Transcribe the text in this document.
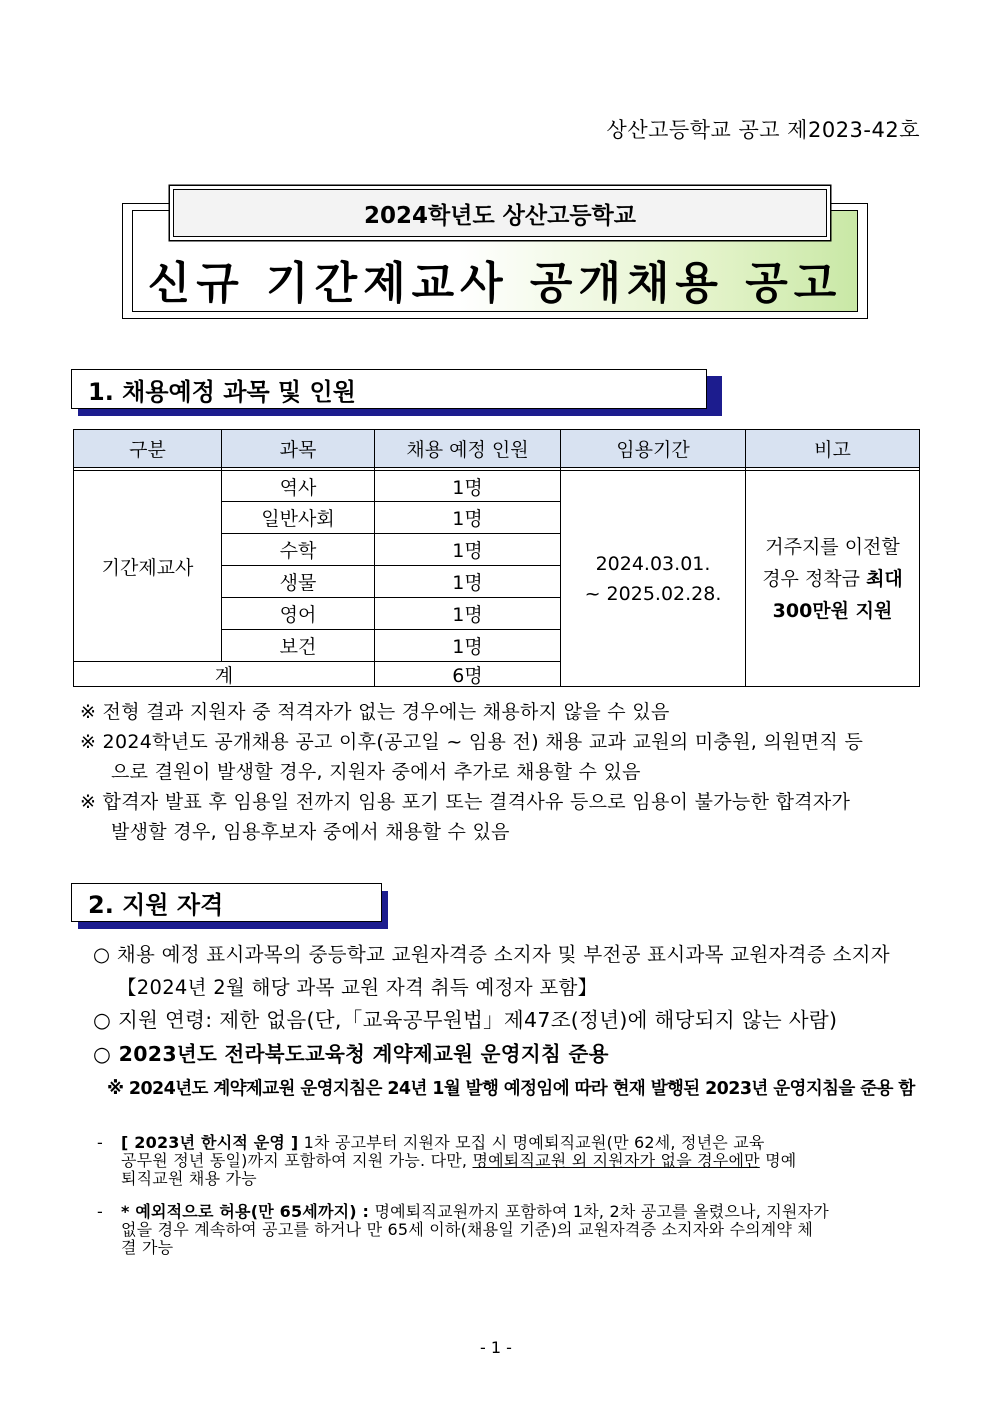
상산고등학교 공고 제2023-42호
2024학년도 상산고등학교
신규 기간제교사 공개채용 공고
1. 채용예정 과목 및 인원
구분	과목	채용 예정 인원	임용기간	비고
기간제교사
역사	1명
일반사회	1명
수학	1명
생물	1명
영어	1명
보건	1명
계	6명
2024.03.01.
~ 2025.02.28.
거주지를 이전할
경우 정착금 최대
300만원 지원
※ 전형 결과 지원자 중 적격자가 없는 경우에는 채용하지 않을 수 있음
※ 2024학년도 공개채용 공고 이후(공고일 ~ 임용 전) 채용 교과 교원의 미충원, 의원면직 등
으로 결원이 발생할 경우, 지원자 중에서 추가로 채용할 수 있음
※ 합격자 발표 후 임용일 전까지 임용 포기 또는 결격사유 등으로 임용이 불가능한 합격자가
발생할 경우, 임용후보자 중에서 채용할 수 있음
2. 지원 자격
○ 채용 예정 표시과목의 중등학교 교원자격증 소지자 및 부전공 표시과목 교원자격증 소지자
【2024년 2월 해당 과목 교원 자격 취득 예정자 포함】
○ 지원 연령: 제한 없음(단,「교육공무원법」제47조(정년)에 해당되지 않는 사람)
○ 2023년도 전라북도교육청 계약제교원 운영지침 준용
※ 2024년도 계약제교원 운영지침은 24년 1월 발행 예정임에 따라 현재 발행된 2023년 운영지침을 준용 함
- [ 2023년 한시적 운영 ] 1차 공고부터 지원자 모집 시 명예퇴직교원(만 62세, 정년은 교육
공무원 정년 동일)까지 포함하여 지원 가능. 다만, 명예퇴직교원 외 지원자가 없을 경우에만 명예
퇴직교원 채용 가능
- * 예외적으로 허용(만 65세까지) : 명예퇴직교원까지 포함하여 1차, 2차 공고를 올렸으나, 지원자가
없을 경우 계속하여 공고를 하거나 만 65세 이하(채용일 기준)의 교원자격증 소지자와 수의계약 체
결 가능
- 1 -
